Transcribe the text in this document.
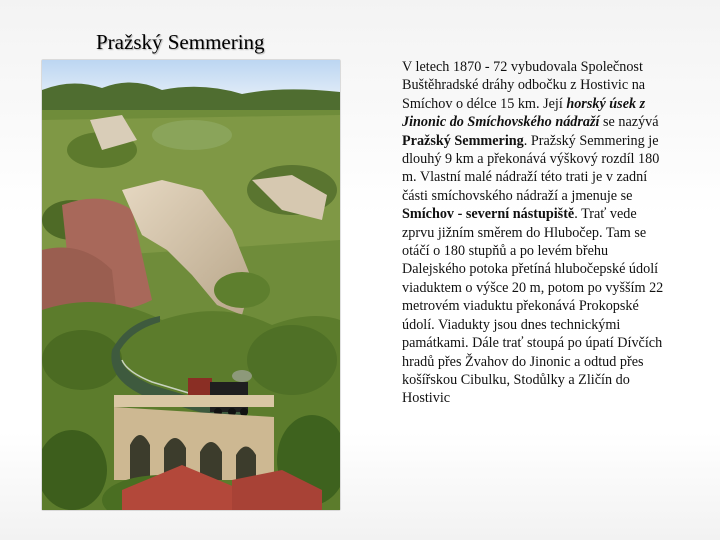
Pražský Semmering

V letech 1870 - 72 vybudovala Společnost Buštěhradské dráhy odbočku z Hostivic na Smíchov o délce 15 km. Její horský úsek z Jinonic do Smíchovského nádraží se nazývá Pražský Semmering. Pražský Semmering je dlouhý 9 km a překonává výškový rozdíl 180 m. Vlastní malé nádraží této trati je v zadní části smíchovského nádraží a jmenuje se Smíchov - severní nástupiště. Trať vede zprvu jižním směrem do Hlubočep. Tam se otáčí o 180 stupňů a po levém břehu Dalejského potoka přetíná hlubočepské údolí viaduktem o výšce 20 m, potom po vyšším 22 metrovém viaduktu překonává Prokopské údolí. Viadukty jsou dnes technickými památkami. Dále trať stoupá po úpatí Dívčích hradů přes Žvahov do Jinonic a odtud přes košířskou Cibulku, Stodůlky a Zličín do Hostivic
